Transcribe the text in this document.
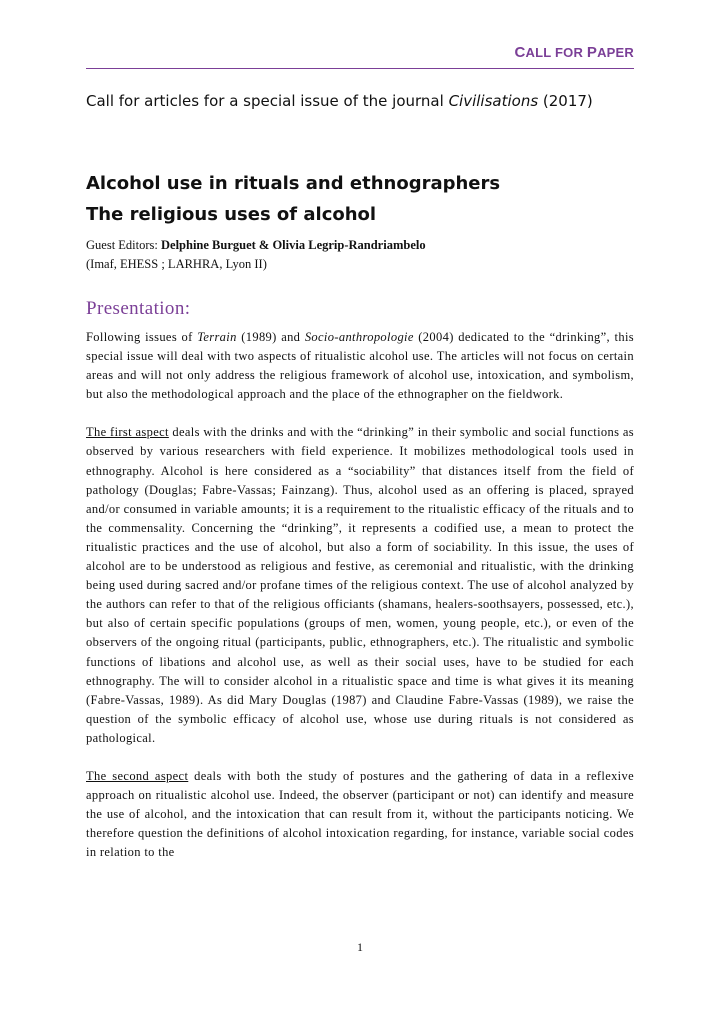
CALL FOR PAPER
Call for articles for a special issue of the journal Civilisations (2017)
Alcohol use in rituals and ethnographers
The religious uses of alcohol
Guest Editors: Delphine Burguet & Olivia Legrip-Randriambelo
(Imaf, EHESS ; LARHRA, Lyon II)
Presentation:

Following issues of Terrain (1989) and Socio-anthropologie (2004) dedicated to the “drinking”, this special issue will deal with two aspects of ritualistic alcohol use. The articles will not focus on certain areas and will not only address the religious framework of alcohol use, intoxication, and symbolism, but also the methodological approach and the place of the ethnographer on the fieldwork.

The first aspect deals with the drinks and with the “drinking” in their symbolic and social functions as observed by various researchers with field experience. It mobilizes methodological tools used in ethnography. Alcohol is here considered as a “sociability” that distances itself from the field of pathology (Douglas; Fabre-Vassas; Fainzang). Thus, alcohol used as an offering is placed, sprayed and/or consumed in variable amounts; it is a requirement to the ritualistic efficacy of the rituals and to the commensality. Concerning the “drinking”, it represents a codified use, a mean to protect the ritualistic practices and the use of alcohol, but also a form of sociability. In this issue, the uses of alcohol are to be understood as religious and festive, as ceremonial and ritualistic, with the drinking being used during sacred and/or profane times of the religious context. The use of alcohol analyzed by the authors can refer to that of the religious officiants (shamans, healers-soothsayers, possessed, etc.), but also of certain specific populations (groups of men, women, young people, etc.), or even of the observers of the ongoing ritual (participants, public, ethnographers, etc.). The ritualistic and symbolic functions of libations and alcohol use, as well as their social uses, have to be studied for each ethnography. The will to consider alcohol in a ritualistic space and time is what gives it its meaning (Fabre-Vassas, 1989). As did Mary Douglas (1987) and Claudine Fabre-Vassas (1989), we raise the question of the symbolic efficacy of alcohol use, whose use during rituals is not considered as pathological.

The second aspect deals with both the study of postures and the gathering of data in a reflexive approach on ritualistic alcohol use. Indeed, the observer (participant or not) can identify and measure the use of alcohol, and the intoxication that can result from it, without the participants noticing. We therefore question the definitions of alcohol intoxication regarding, for instance, variable social codes in relation to the

1
